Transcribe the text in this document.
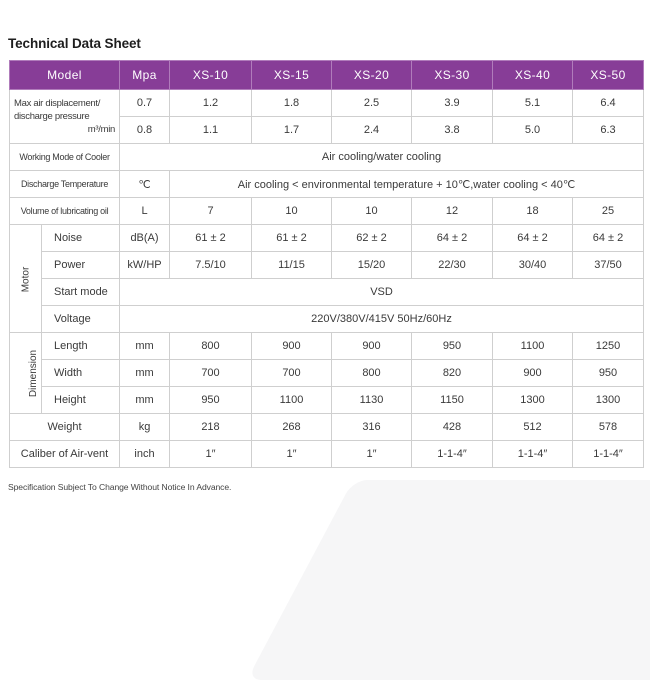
Technical Data Sheet
Model		Mpa	XS-10	XS-15	XS-20	XS-30	XS-40	XS-50

Max air displacement/
discharge pressure
m³/min		0.7	1.2	1.8	2.5	3.9	5.1	6.4
		0.8	1.1	1.7	2.4	3.8	5.0	6.3
Working Mode of Cooler		Air cooling/water cooling						
Discharge Temperature		℃	Air cooling < environmental temperature + 10℃,water cooling < 40℃					
Volume of lubricating oil		L	7	10	10	12	18	25
Motor	Noise	dB(A)	61 ± 2	61 ± 2	62 ± 2	64 ± 2	64 ± 2	64 ± 2
	Power	kW/HP	7.5/10	11/15	15/20	22/30	30/40	37/50
	Start mode	VSD						
	Voltage	220V/380V/415V 50Hz/60Hz						
Dimension	Length	mm	800	900	900	950	1100	1250
	Width	mm	700	700	800	820	900	950
	Height	mm	950	1100	1130	1150	1300	1300
Weight		kg	218	268	316	428	512	578
Caliber of Air-vent		inch	1″	1″	1″	1-1-4″	1-1-4″	1-1-4″
Specification Subject To Change Without Notice In Advance.
